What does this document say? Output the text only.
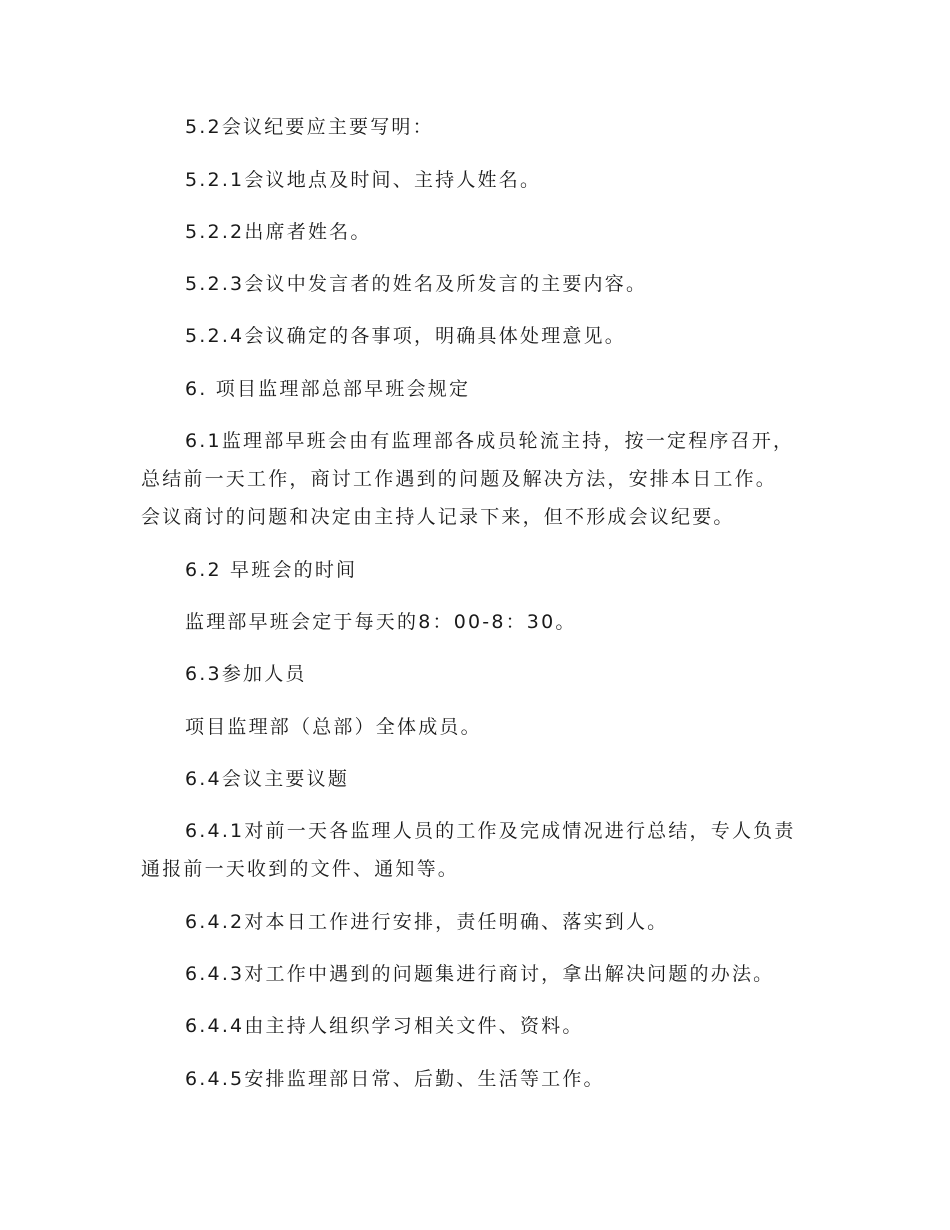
5.2会议纪要应主要写明：
5.2.1会议地点及时间、主持人姓名。
5.2.2出席者姓名。
5.2.3会议中发言者的姓名及所发言的主要内容。
5.2.4会议确定的各事项，明确具体处理意见。
6. 项目监理部总部早班会规定
6.1监理部早班会由有监理部各成员轮流主持，按一定程序召开，
总结前一天工作，商讨工作遇到的问题及解决方法，安排本日工作。
会议商讨的问题和决定由主持人记录下来，但不形成会议纪要。
6.2 早班会的时间
监理部早班会定于每天的8：00-8：30。
6.3参加人员
项目监理部（总部）全体成员。
6.4会议主要议题
6.4.1对前一天各监理人员的工作及完成情况进行总结，专人负责
通报前一天收到的文件、通知等。
6.4.2对本日工作进行安排，责任明确、落实到人。
6.4.3对工作中遇到的问题集进行商讨，拿出解决问题的办法。
6.4.4由主持人组织学习相关文件、资料。
6.4.5安排监理部日常、后勤、生活等工作。
